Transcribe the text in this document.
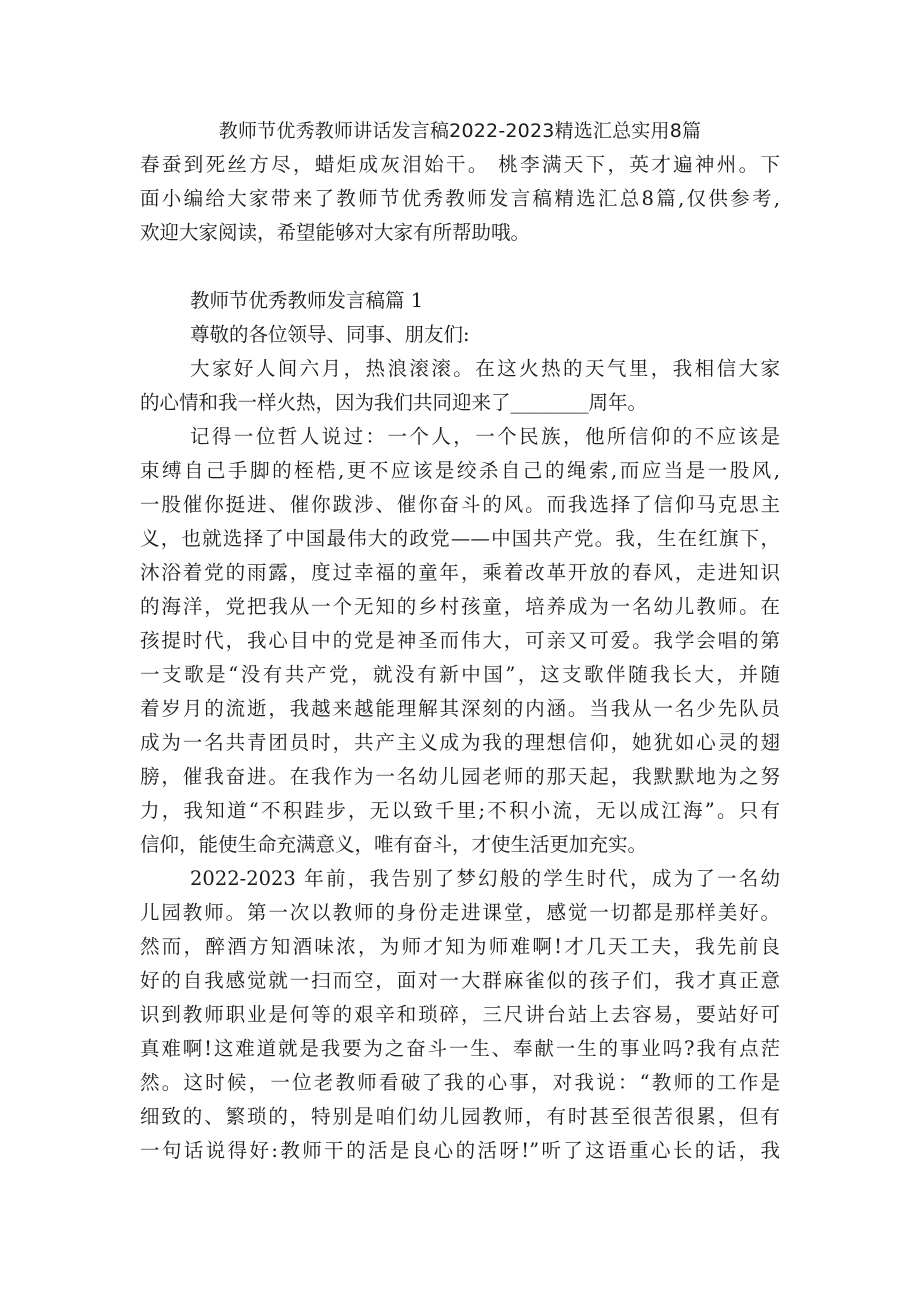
教师节优秀教师讲话发言稿2022-2023精选汇总实用8篇
春蚕到死丝方尽，蜡炬成灰泪始干。 桃李满天下，英才遍神州。下
面小编给大家带来了教师节优秀教师发言稿精选汇总8篇,仅供参考,
欢迎大家阅读，希望能够对大家有所帮助哦。
教师节优秀教师发言稿篇 1
尊敬的各位领导、同事、朋友们:
大家好人间六月，热浪滚滚。在这火热的天气里，我相信大家
的心情和我一样火热，因为我们共同迎来了________周年。
记得一位哲人说过：一个人，一个民族，他所信仰的不应该是
束缚自己手脚的桎梏,更不应该是绞杀自己的绳索,而应当是一股风,
一股催你挺进、催你跋涉、催你奋斗的风。而我选择了信仰马克思主
义，也就选择了中国最伟大的政党——中国共产党。我，生在红旗下，
沐浴着党的雨露，度过幸福的童年，乘着改革开放的春风，走进知识
的海洋，党把我从一个无知的乡村孩童，培养成为一名幼儿教师。在
孩提时代，我心目中的党是神圣而伟大，可亲又可爱。我学会唱的第
一支歌是“没有共产党，就没有新中国”，这支歌伴随我长大，并随
着岁月的流逝，我越来越能理解其深刻的内涵。当我从一名少先队员
成为一名共青团员时，共产主义成为我的理想信仰，她犹如心灵的翅
膀，催我奋进。在我作为一名幼儿园老师的那天起，我默默地为之努
力，我知道“不积跬步，无以致千里;不积小流，无以成江海”。只有
信仰，能使生命充满意义，唯有奋斗，才使生活更加充实。
2022-2023 年前，我告别了梦幻般的学生时代，成为了一名幼
儿园教师。第一次以教师的身份走进课堂，感觉一切都是那样美好。
然而，醉酒方知酒味浓，为师才知为师难啊!才几天工夫，我先前良
好的自我感觉就一扫而空，面对一大群麻雀似的孩子们，我才真正意
识到教师职业是何等的艰辛和琐碎，三尺讲台站上去容易，要站好可
真难啊!这难道就是我要为之奋斗一生、奉献一生的事业吗?我有点茫
然。这时候，一位老教师看破了我的心事，对我说：“教师的工作是
细致的、繁琐的，特别是咱们幼儿园教师，有时甚至很苦很累，但有
一句话说得好:教师干的活是良心的活呀!”听了这语重心长的话，我
